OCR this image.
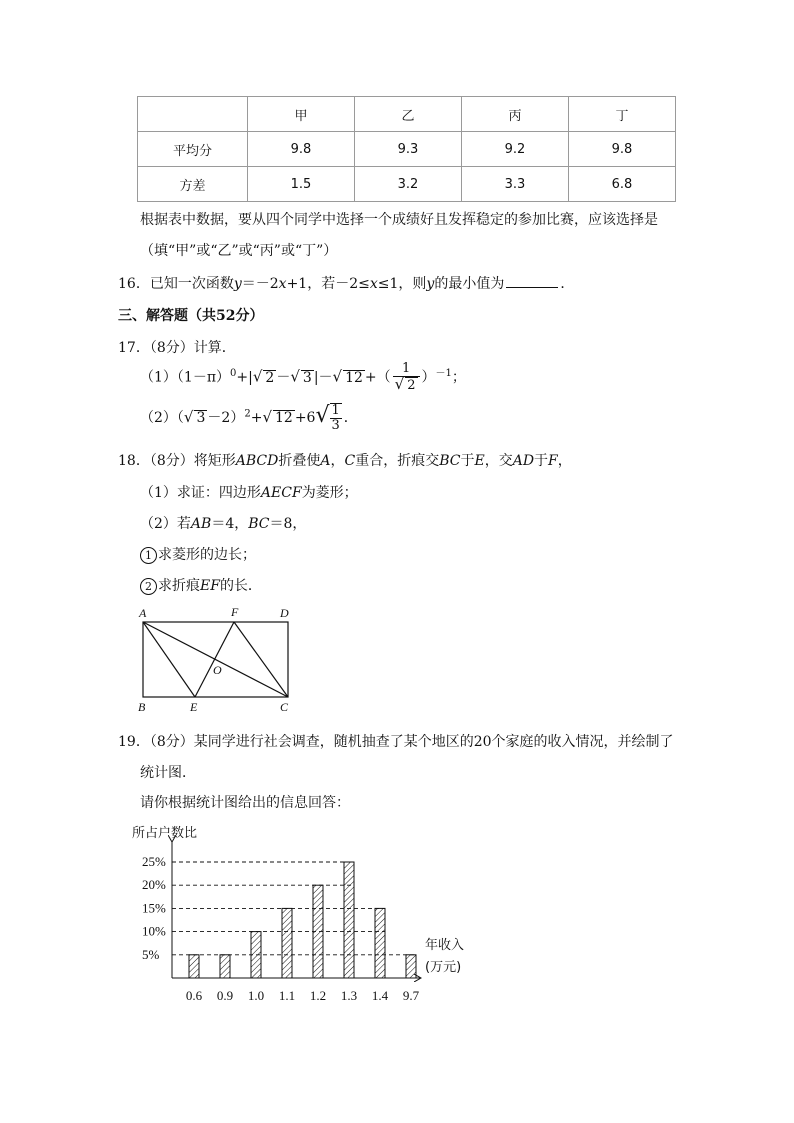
	甲	乙	丙	丁
平均分	9.8	9.3	9.2	9.8
方差	1.5	3.2	3.3	6.8
根据表中数据，要从四个同学中选择一个成绩好且发挥稳定的参加比赛，应该选择是
（填“甲”或“乙”或“丙”或“丁”）
16．已知一次函数y＝－2x+1，若－2≤x≤1，则y的最小值为	．
三、解答题（共52分）
17．（8分）计算．
$(1)(1-\pi)^0+|√$ 2 －√ 3 |－√ 12 +（ $\frac{1}{√ 2} )^{-1}$；
（2）（√ 3 －2）$^2$+√ $12 +6√ \frac{1}{3}$ ．
18．（8分）将矩形ABCD折叠使A，C重合，折痕交BC于E，交AD于F，
（1）求证：四边形AECF为菱形；
（2）若AB＝4，BC＝8，
1 求菱形的边长；
2 求折痕EF的长．
A	F	D
O
B	E	C
19．（8分）某同学进行社会调查，随机抽查了某个地区的20个家庭的收入情况，并绘制了
统计图．
请你根据统计图给出的信息回答：
所占户数比
年收入
(万元)
5%
10%
15%
20%
25%
0.6 0.9 1.0 1.1 1.2 1.3 1.4 9.7
